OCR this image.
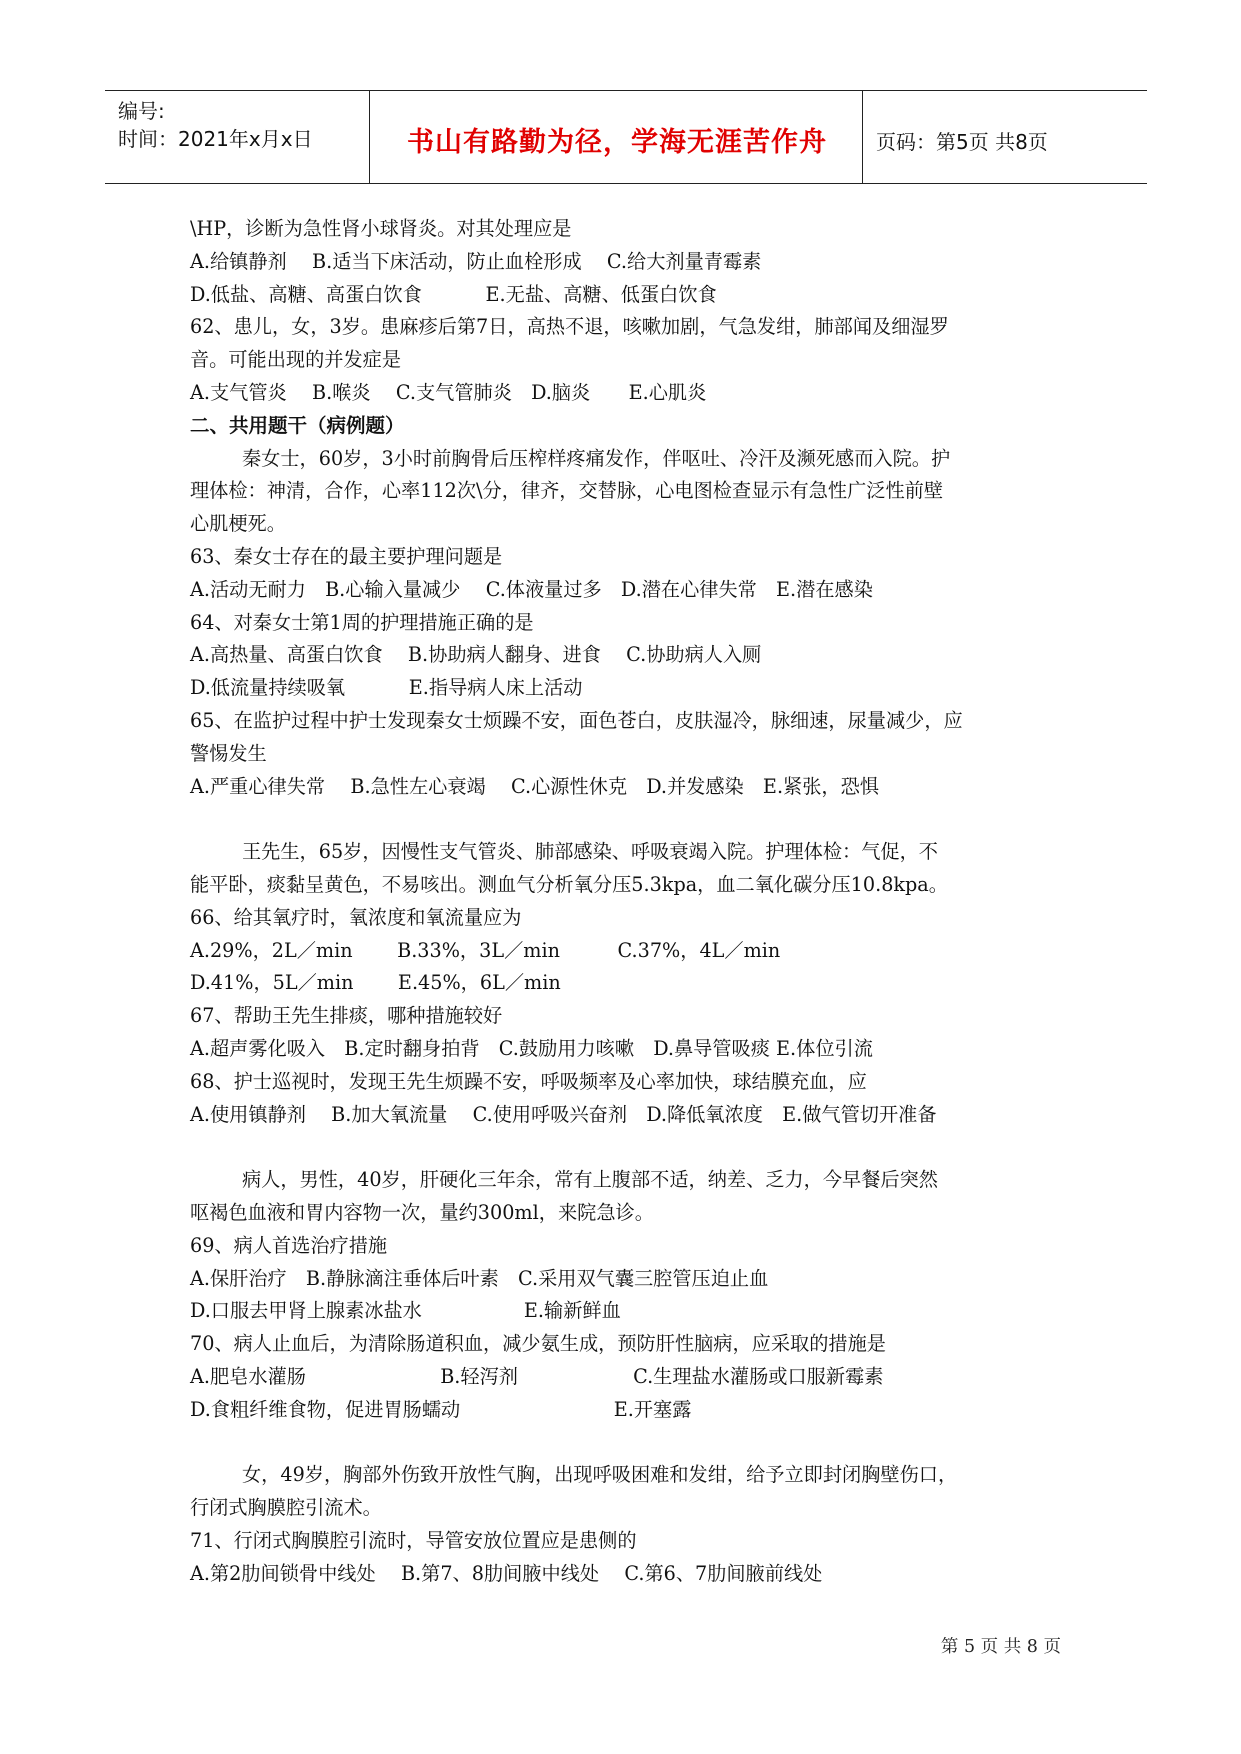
编号:
时间：2021年x月x日	书山有路勤为径，学海无涯苦作舟	页码：第5页 共8页
\HP，诊断为急性肾小球肾炎。对其处理应是
A.给镇静剂　 B.适当下床活动，防止血栓形成　 C.给大剂量青霉素
D.低盐、高糖、高蛋白饮食　　　 E.无盐、高糖、低蛋白饮食
62、患儿，女，3岁。患麻疹后第7日，高热不退，咳嗽加剧，气急发绀，肺部闻及细湿罗
音。可能出现的并发症是
A.支气管炎　 B.喉炎　 C.支气管肺炎　D.脑炎　　E.心肌炎
二、共用题干（病例题）
秦女士，60岁，3小时前胸骨后压榨样疼痛发作，伴呕吐、冷汗及濒死感而入院。护
理体检：神清，合作，心率112次\分，律齐，交替脉，心电图检查显示有急性广泛性前壁
心肌梗死。
63、秦女士存在的最主要护理问题是
A.活动无耐力　B.心输入量减少　 C.体液量过多　D.潜在心律失常　E.潜在感染
64、对秦女士第1周的护理措施正确的是
A.高热量、高蛋白饮食　 B.协助病人翻身、进食　 C.协助病人入厕
D.低流量持续吸氧　　　 E.指导病人床上活动
65、在监护过程中护士发现秦女士烦躁不安，面色苍白，皮肤湿冷，脉细速，尿量减少，应
警惕发生
A.严重心律失常　 B.急性左心衰竭　 C.心源性休克　D.并发感染　E.紧张，恐惧
王先生，65岁，因慢性支气管炎、肺部感染、呼吸衰竭入院。护理体检：气促，不
能平卧，痰黏呈黄色，不易咳出。测血气分析氧分压5.3kpa，血二氧化碳分压10.8kpa。
66、给其氧疗时，氧浓度和氧流量应为
A.29%，2L／min　　 B.33%，3L／min　　　C.37%，4L／min
D.41%，5L／min　　 E.45%，6L／min
67、帮助王先生排痰，哪种措施较好
A.超声雾化吸入　B.定时翻身拍背　C.鼓励用力咳嗽　D.鼻导管吸痰 E.体位引流
68、护士巡视时，发现王先生烦躁不安，呼吸频率及心率加快，球结膜充血，应
A.使用镇静剂　 B.加大氧流量　 C.使用呼吸兴奋剂　D.降低氧浓度　E.做气管切开准备
病人，男性，40岁，肝硬化三年余，常有上腹部不适，纳差、乏力，今早餐后突然
呕褐色血液和胃内容物一次，量约300ml，来院急诊。
69、病人首选治疗措施
A.保肝治疗　B.静脉滴注垂体后叶素　C.采用双气囊三腔管压迫止血
D.口服去甲肾上腺素冰盐水　　　　　 E.输新鲜血
70、病人止血后，为清除肠道积血，减少氨生成，预防肝性脑病，应采取的措施是
A.肥皂水灌肠　　　　　　　B.轻泻剂　　　　　　C.生理盐水灌肠或口服新霉素
D.食粗纤维食物，促进胃肠蠕动　　　　　　　　E.开塞露
女，49岁，胸部外伤致开放性气胸，出现呼吸困难和发绀，给予立即封闭胸壁伤口，
行闭式胸膜腔引流术。
71、行闭式胸膜腔引流时，导管安放位置应是患侧的
A.第2肋间锁骨中线处　 B.第7、8肋间腋中线处　 C.第6、7肋间腋前线处
第 5 页 共 8 页
